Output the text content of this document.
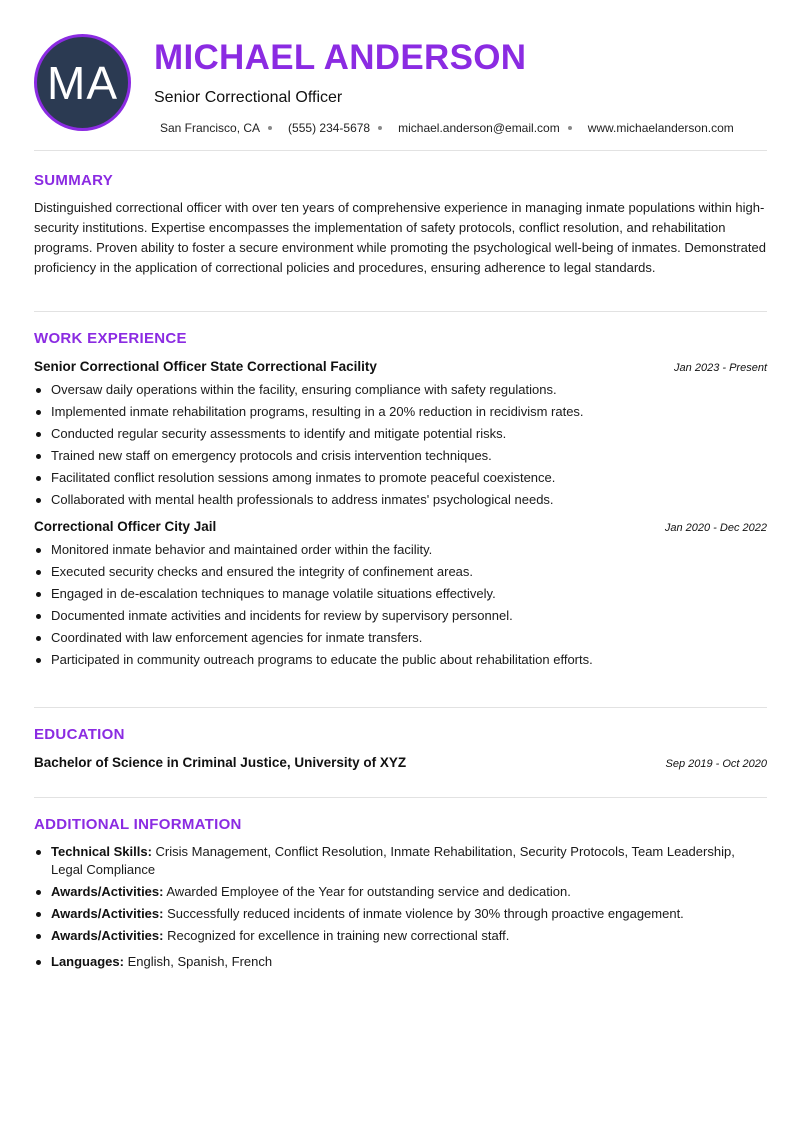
MA MICHAEL ANDERSON
Senior Correctional Officer
San Francisco, CA (555) 234-5678 michael.anderson@email.com www.michaelanderson.com
SUMMARY

Distinguished correctional officer with over ten years of comprehensive experience in managing inmate populations within high-security institutions. Expertise encompasses the implementation of safety protocols, conflict resolution, and rehabilitation programs. Proven ability to foster a secure environment while promoting the psychological well-being of inmates. Demonstrated proficiency in the application of correctional policies and procedures, ensuring adherence to legal standards.

WORK EXPERIENCE
Senior Correctional Officer State Correctional Facility	Jan 2023 - Present
Oversaw daily operations within the facility, ensuring compliance with safety regulations.
Implemented inmate rehabilitation programs, resulting in a 20% reduction in recidivism rates.
Conducted regular security assessments to identify and mitigate potential risks.
Trained new staff on emergency protocols and crisis intervention techniques.
Facilitated conflict resolution sessions among inmates to promote peaceful coexistence.
Collaborated with mental health professionals to address inmates' psychological needs.
Correctional Officer City Jail	Jan 2020 - Dec 2022
Monitored inmate behavior and maintained order within the facility.
Executed security checks and ensured the integrity of confinement areas.
Engaged in de-escalation techniques to manage volatile situations effectively.
Documented inmate activities and incidents for review by supervisory personnel.
Coordinated with law enforcement agencies for inmate transfers.
Participated in community outreach programs to educate the public about rehabilitation efforts.
EDUCATION
Bachelor of Science in Criminal Justice, University of XYZ	Sep 2019 - Oct 2020
ADDITIONAL INFORMATION
Technical Skills: Crisis Management, Conflict Resolution, Inmate Rehabilitation, Security Protocols, Team Leadership, Legal Compliance
Awards/Activities: Awarded Employee of the Year for outstanding service and dedication.
Awards/Activities: Successfully reduced incidents of inmate violence by 30% through proactive engagement.
Awards/Activities: Recognized for excellence in training new correctional staff.
Languages: English, Spanish, French
